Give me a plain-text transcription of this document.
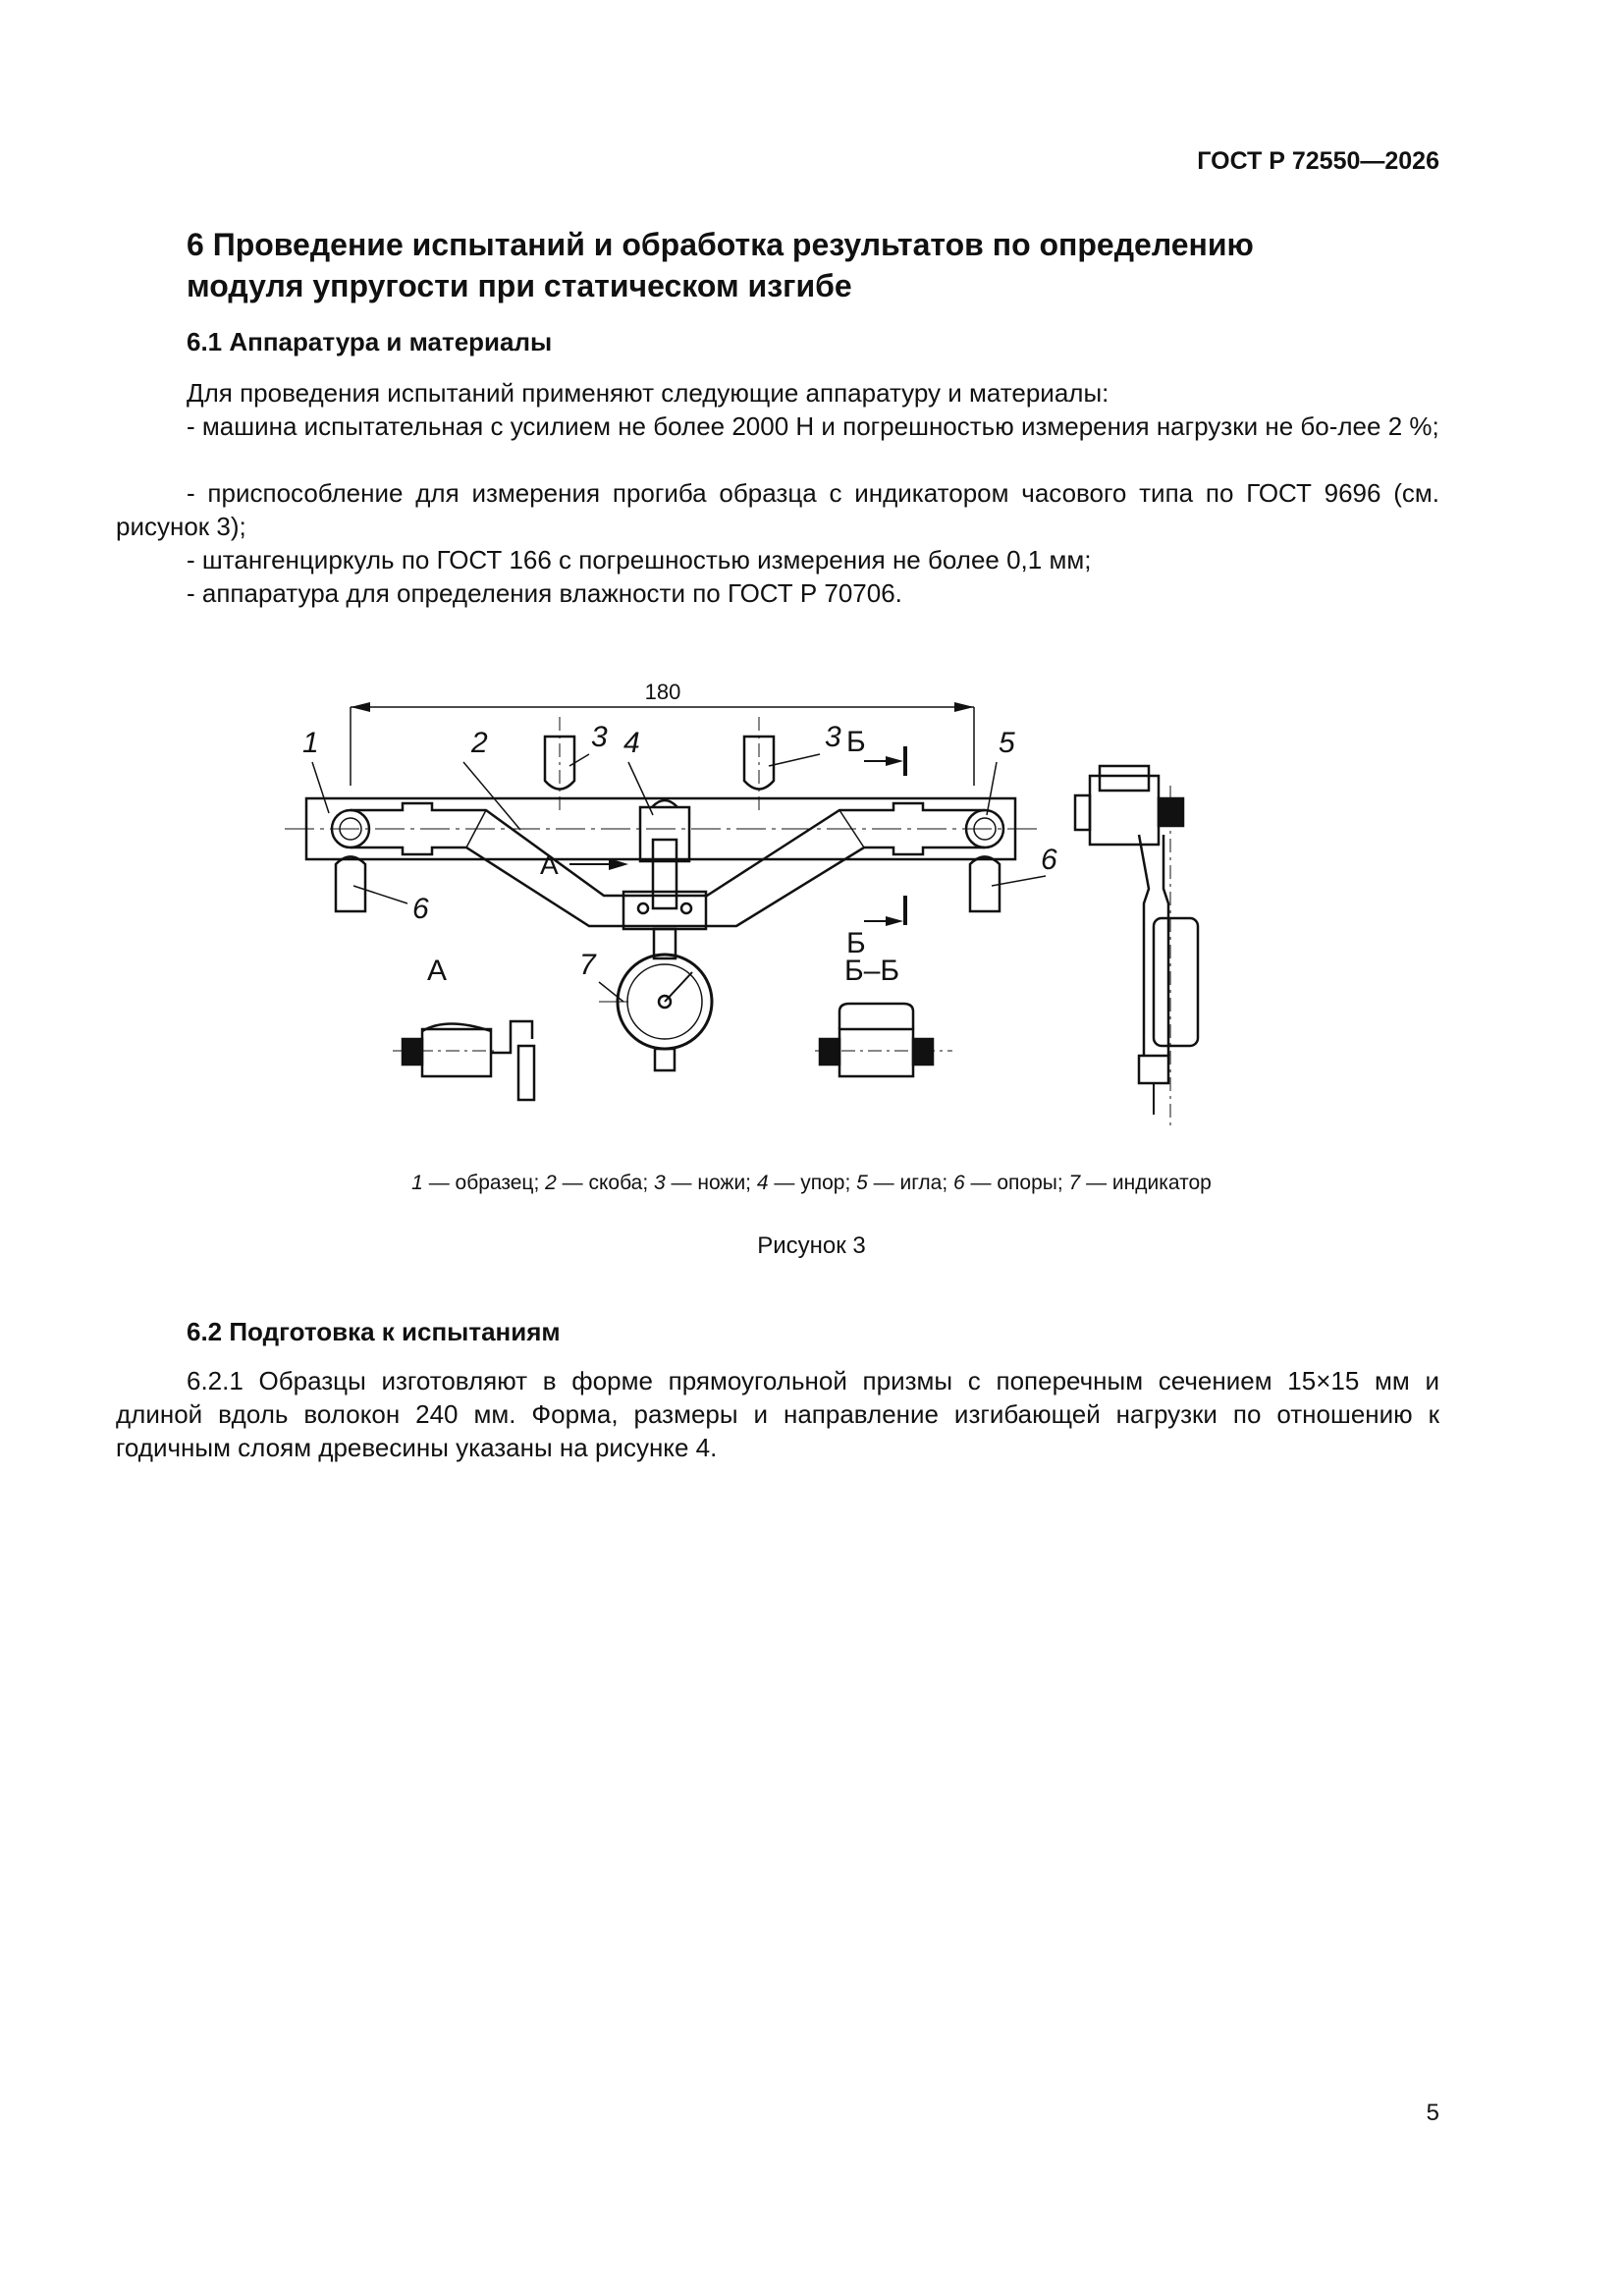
ГОСТ Р 72550—2026
6 Проведение испытаний и обработка результатов по определению
модуля упругости при статическом изгибе
6.1 Аппаратура и материалы
Для проведения испытаний применяют следующие аппаратуру и материалы:
- машина испытательная с усилием не более 2000 Н и погрешностью измерения нагрузки не бо-лее 2 %;
- приспособление для измерения прогиба образца с индикатором часового типа по ГОСТ 9696 (см. рисунок 3);
- штангенциркуль по ГОСТ 166 с погрешностью измерения не более 0,1 мм;
- аппаратура для определения влажности по ГОСТ Р 70706.
180
А
Б
Б
1	2	3 4	3	5
6
6
7
А	Б–Б
1 — образец; 2 — скоба; 3 — ножи; 4 — упор; 5 — игла; 6 — опоры; 7 — индикатор
Рисунок 3
6.2 Подготовка к испытаниям
6.2.1 Образцы изготовляют в форме прямоугольной призмы с поперечным сечением 15×15 мм и
длиной вдоль волокон 240 мм. Форма, размеры и направление изгибающей нагрузки по отношению к
годичным слоям древесины указаны на рисунке 4.
5
